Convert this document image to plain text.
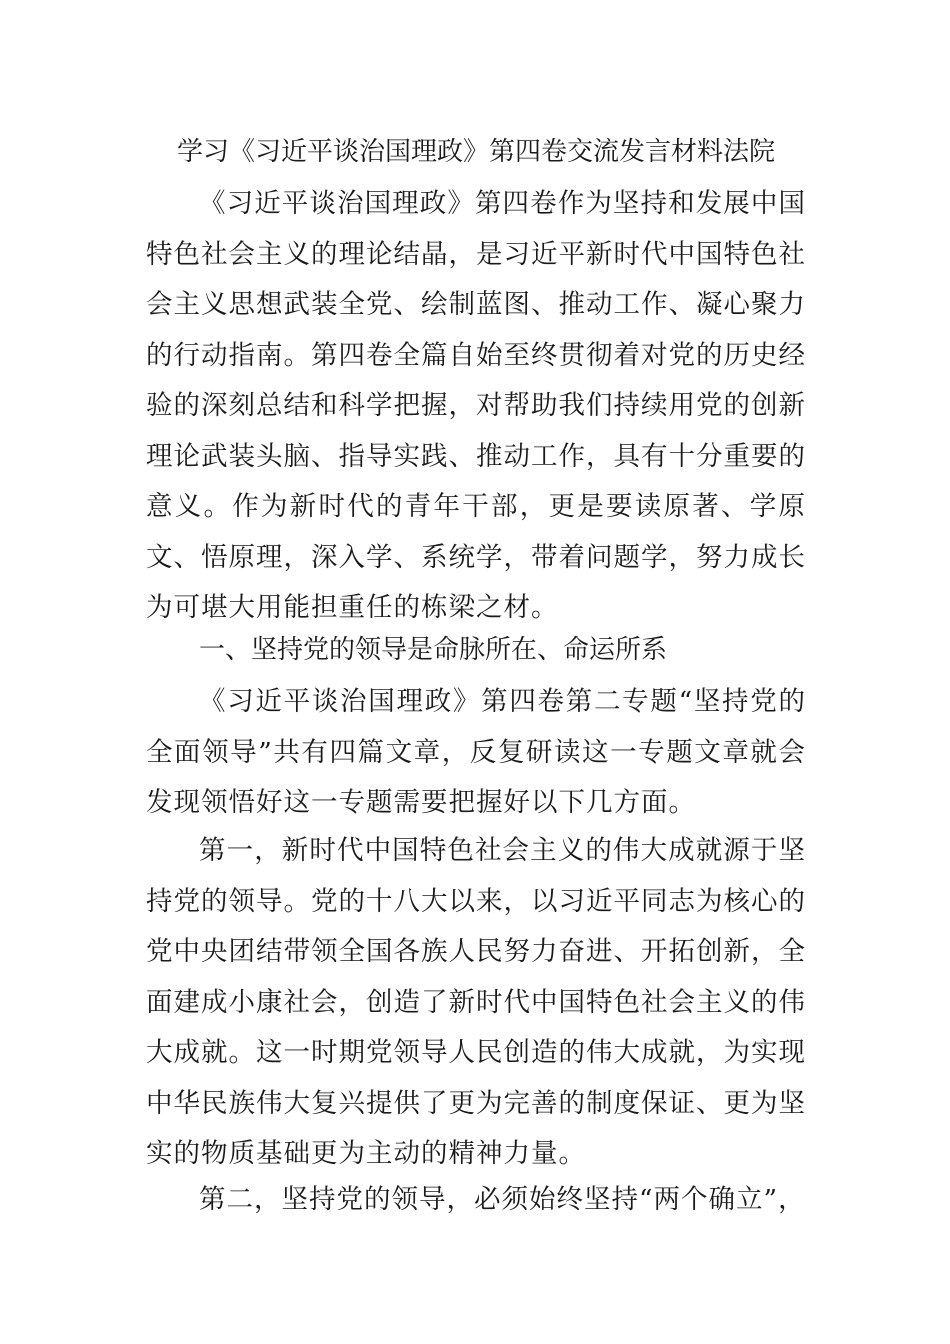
学习《习近平谈治国理政》第四卷交流发言材料法院
《习近平谈治国理政》第四卷作为坚持和发展中国特色社会主义的理论结晶，是习近平新时代中国特色社会主义思想武装全党、绘制蓝图、推动工作、凝心聚力的行动指南。第四卷全篇自始至终贯彻着对党的历史经验的深刻总结和科学把握，对帮助我们持续用党的创新理论武装头脑、指导实践、推动工作，具有十分重要的意义。作为新时代的青年干部，更是要读原著、学原文、悟原理，深入学、系统学，带着问题学，努力成长为可堪大用能担重任的栋梁之材。
一、坚持党的领导是命脉所在、命运所系
《习近平谈治国理政》第四卷第二专题“坚持党的全面领导”共有四篇文章，反复研读这一专题文章就会发现领悟好这一专题需要把握好以下几方面。
第一，新时代中国特色社会主义的伟大成就源于坚持党的领导。党的十八大以来，以习近平同志为核心的党中央团结带领全国各族人民努力奋进、开拓创新，全面建成小康社会，创造了新时代中国特色社会主义的伟大成就。这一时期党领导人民创造的伟大成就，为实现中华民族伟大复兴提供了更为完善的制度保证、更为坚实的物质基础更为主动的精神力量。
第二，坚持党的领导，必须始终坚持“两个确立”，
